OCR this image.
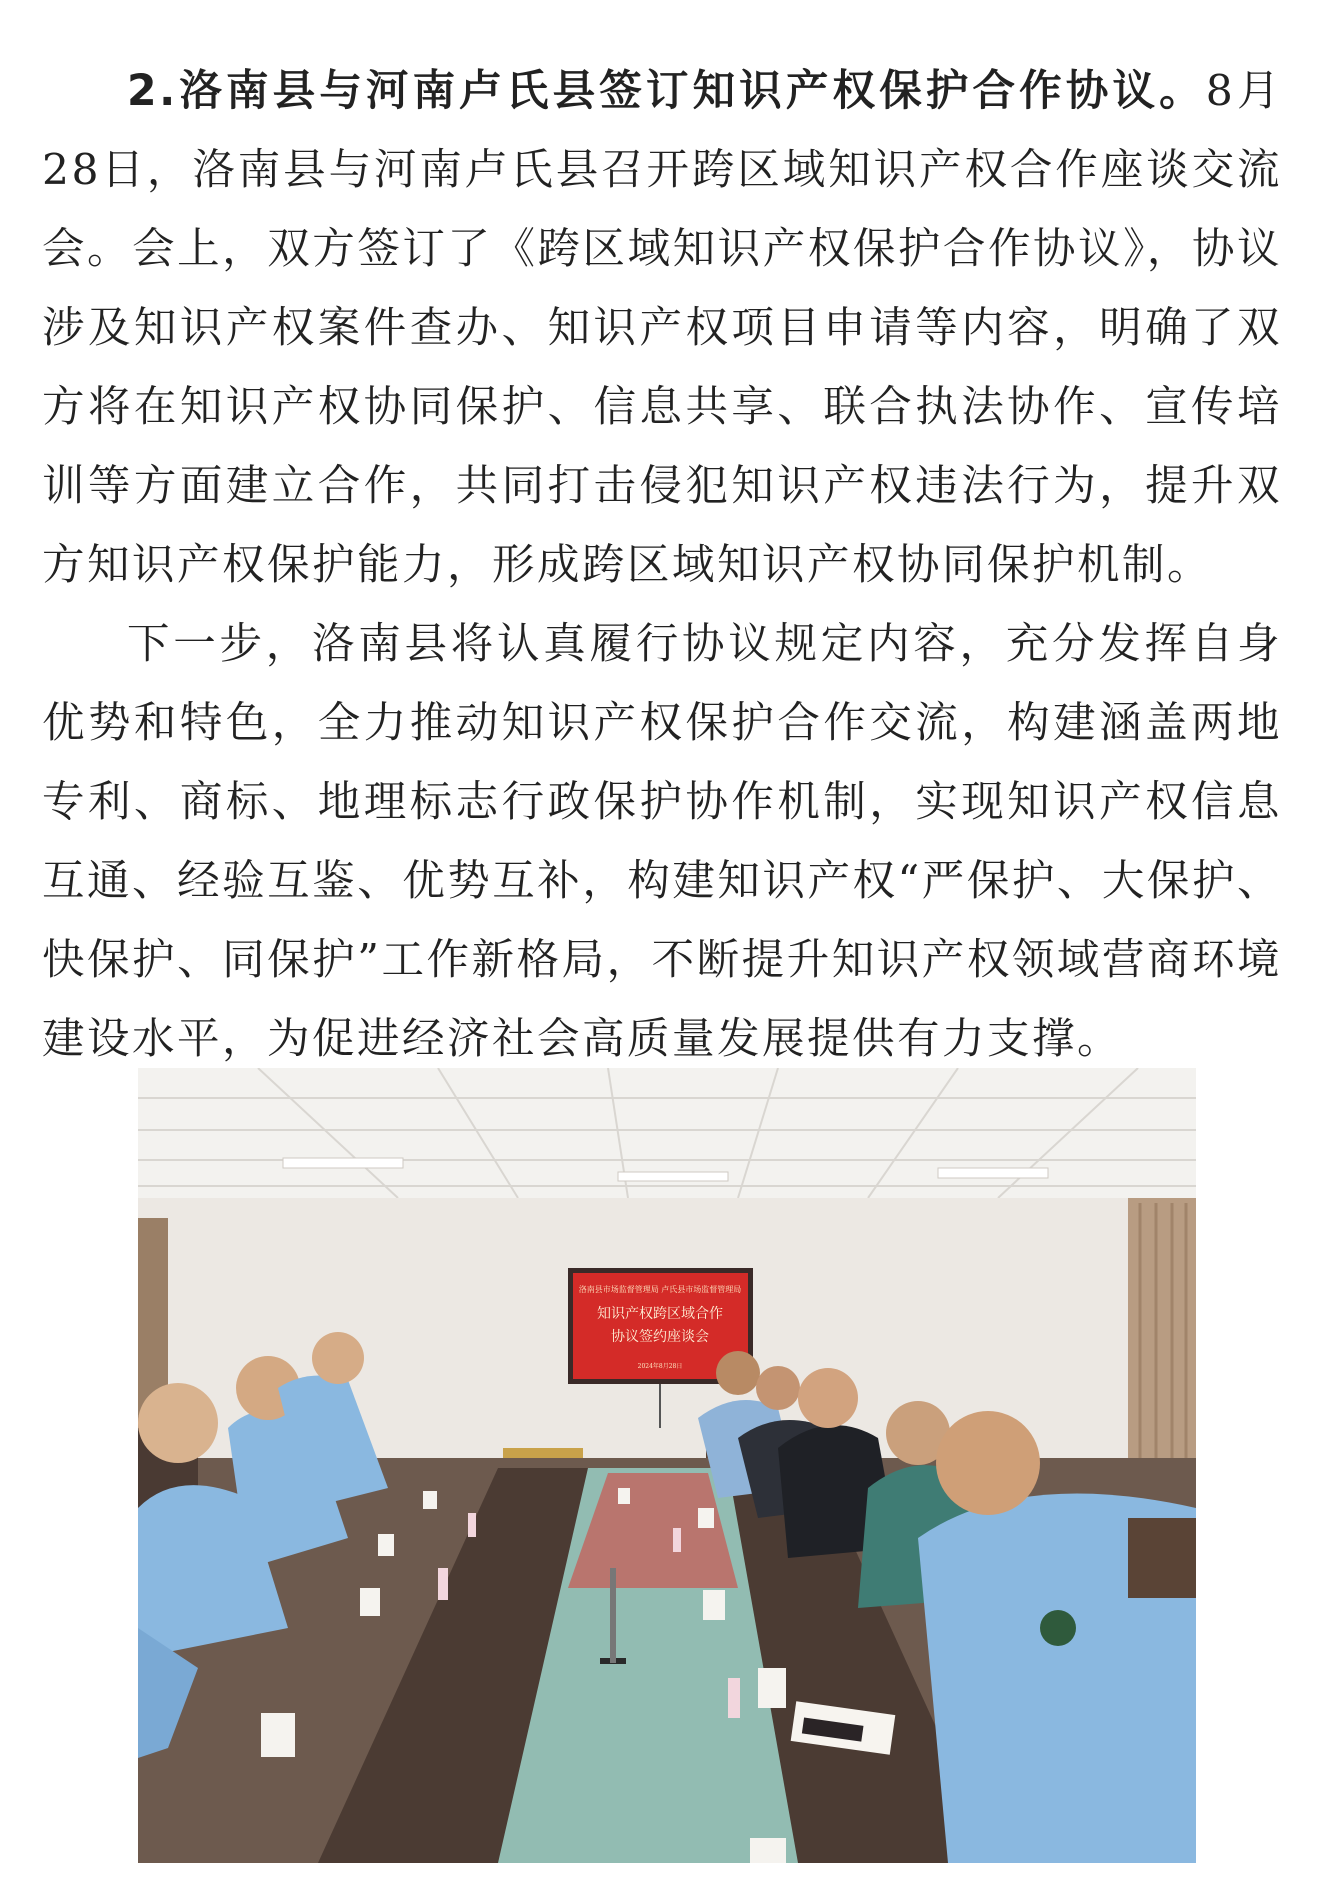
2.洛南县与河南卢氏县签订知识产权保护合作协议。8月28日，洛南县与河南卢氏县召开跨区域知识产权合作座谈交流会。会上，双方签订了《跨区域知识产权保护合作协议》，协议涉及知识产权案件查办、知识产权项目申请等内容，明确了双方将在知识产权协同保护、信息共享、联合执法协作、宣传培训等方面建立合作，共同打击侵犯知识产权违法行为，提升双方知识产权保护能力，形成跨区域知识产权协同保护机制。

下一步，洛南县将认真履行协议规定内容，充分发挥自身优势和特色，全力推动知识产权保护合作交流，构建涵盖两地专利、商标、地理标志行政保护协作机制，实现知识产权信息互通、经验互鉴、优势互补，构建知识产权“严保护、大保护、快保护、同保护”工作新格局，不断提升知识产权领域营商环境建设水平，为促进经济社会高质量发展提供有力支撑。

洛南县市场监督管理局 卢氏县市场监督管理局
知识产权跨区域合作
协议签约座谈会
2024年8月28日
